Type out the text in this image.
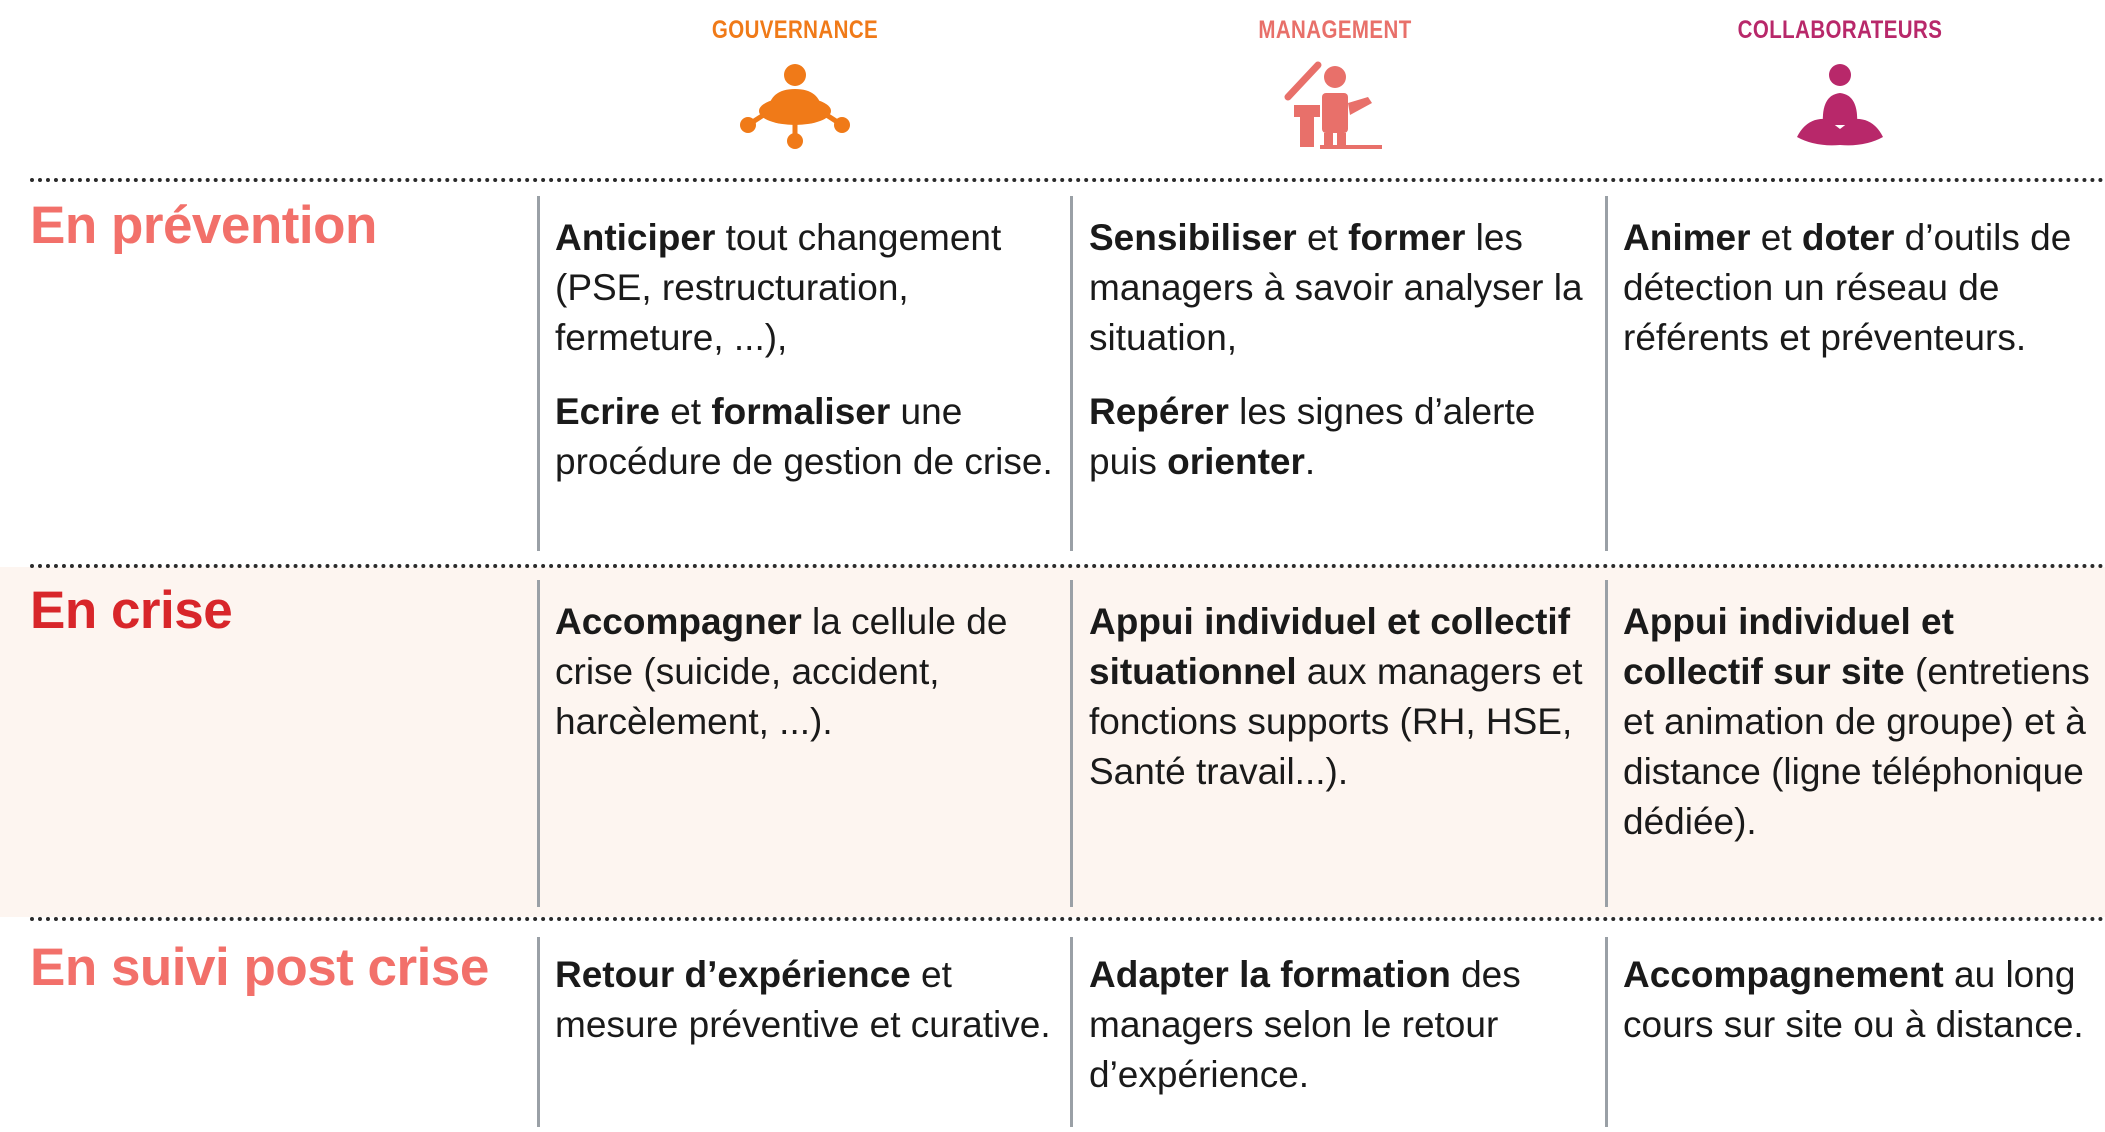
GOUVERNANCE	MANAGEMENT	COLLABORATEURS
En prévention
En crise
En suivi post crise

Anticiper tout changement (PSE, restructuration, fermeture, ...),

Ecrire et formaliser une procédure de gestion de crise.

Sensibiliser et former les managers à savoir analyser la situation,

Repérer les signes d’alerte puis orienter.

Animer et doter d’outils de détection un réseau de référents et préventeurs.

Accompagner la cellule de crise (suicide, accident, harcèlement, ...).

Appui individuel et collectif situationnel aux managers et fonctions supports (RH, HSE, Santé travail...).

Appui individuel et collectif sur site (entretiens et animation de groupe) et à distance (ligne téléphonique dédiée).

Retour d’expérience et mesure préventive et curative.

Adapter la formation des managers selon le retour d’expérience.

Accompagnement au long cours sur site ou à distance.
